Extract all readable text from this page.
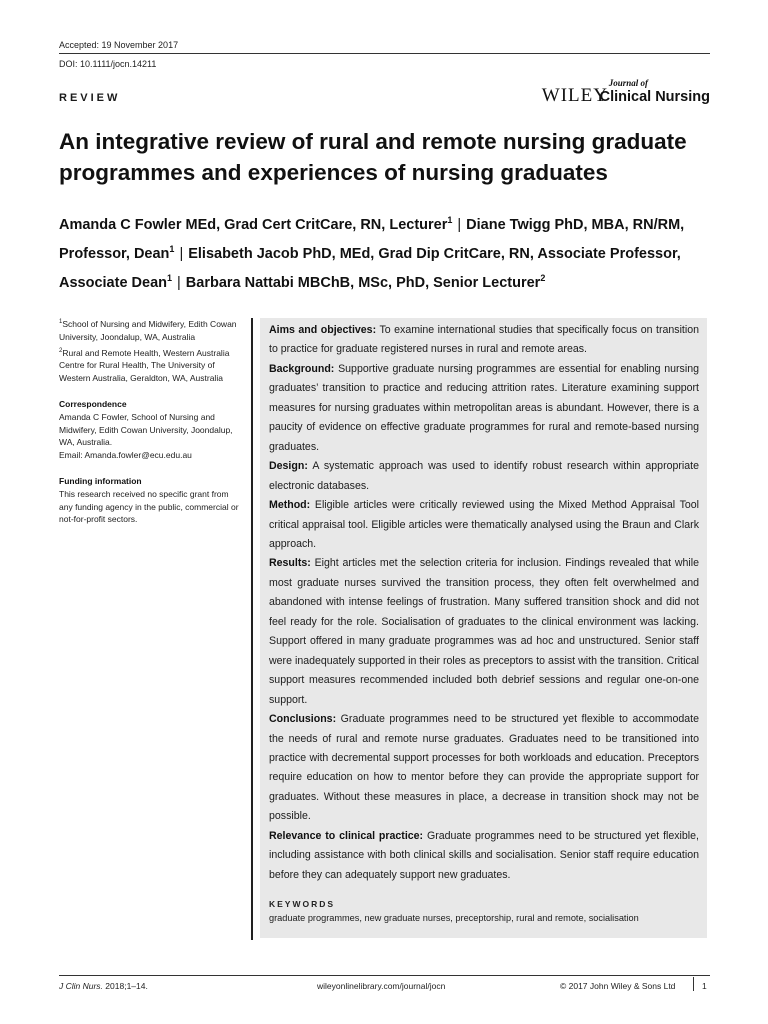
Accepted: 19 November 2017
DOI: 10.1111/jocn.14211
REVIEW	WILEY
Journal of
Clinical Nursing
An integrative review of rural and remote nursing graduate programmes and experiences of nursing graduates

Amanda C Fowler MEd, Grad Cert CritCare, RN, Lecturer$^1$ | Diane Twigg PhD, MBA, RN/RM, Professor, Dean$^1$ | Elisabeth Jacob PhD, MEd, Grad Dip CritCare, RN, Associate Professor, Associate Dean$^1$ | Barbara Nattabi MBChB, MSc, PhD, Senior Lecturer$^2$

$^1$School of Nursing and Midwifery, Edith Cowan University, Joondalup, WA, Australia

$^2$Rural and Remote Health, Western Australia Centre for Rural Health, The University of Western Australia, Geraldton, WA, Australia

Correspondence
Amanda C Fowler, School of Nursing and Midwifery, Edith Cowan University, Joondalup, WA, Australia.
Email: Amanda.fowler@ecu.edu.au
Funding information
This research received no specific grant from any funding agency in the public, commercial or not-for-profit sectors.

Aims and objectives: To examine international studies that specifically focus on transition to practice for graduate registered nurses in rural and remote areas.

Background: Supportive graduate nursing programmes are essential for enabling nursing graduates’ transition to practice and reducing attrition rates. Literature examining support measures for nursing graduates within metropolitan areas is abundant. However, there is a paucity of evidence on effective graduate programmes for rural and remote-based nursing graduates.

Design: A systematic approach was used to identify robust research within appropriate electronic databases.

Method: Eligible articles were critically reviewed using the Mixed Method Appraisal Tool critical appraisal tool. Eligible articles were thematically analysed using the Braun and Clark approach.

Results: Eight articles met the selection criteria for inclusion. Findings revealed that while most graduate nurses survived the transition process, they often felt overwhelmed and abandoned with intense feelings of frustration. Many suffered transition shock and did not feel ready for the role. Socialisation of graduates to the clinical environment was lacking. Support offered in many graduate programmes was ad hoc and unstructured. Senior staff were inadequately supported in their roles as preceptors to assist with the transition. Critical support measures recommended included both debrief sessions and regular one-on-one support.

Conclusions: Graduate programmes need to be structured yet flexible to accommodate the needs of rural and remote nurse graduates. Graduates need to be transitioned into practice with decremental support processes for both workloads and education. Preceptors require education on how to mentor before they can provide the appropriate support for graduates. Without these measures in place, a decrease in transition shock may not be possible.

Relevance to clinical practice: Graduate programmes need to be structured yet flexible, including assistance with both clinical skills and socialisation. Senior staff require education before they can adequately support new graduates.

KEYWORDS
graduate programmes, new graduate nurses, preceptorship, rural and remote, socialisation
J Clin Nurs. 2018;1–14.	wileyonlinelibrary.com/journal/jocn	© 2017 John Wiley & Sons Ltd	1
